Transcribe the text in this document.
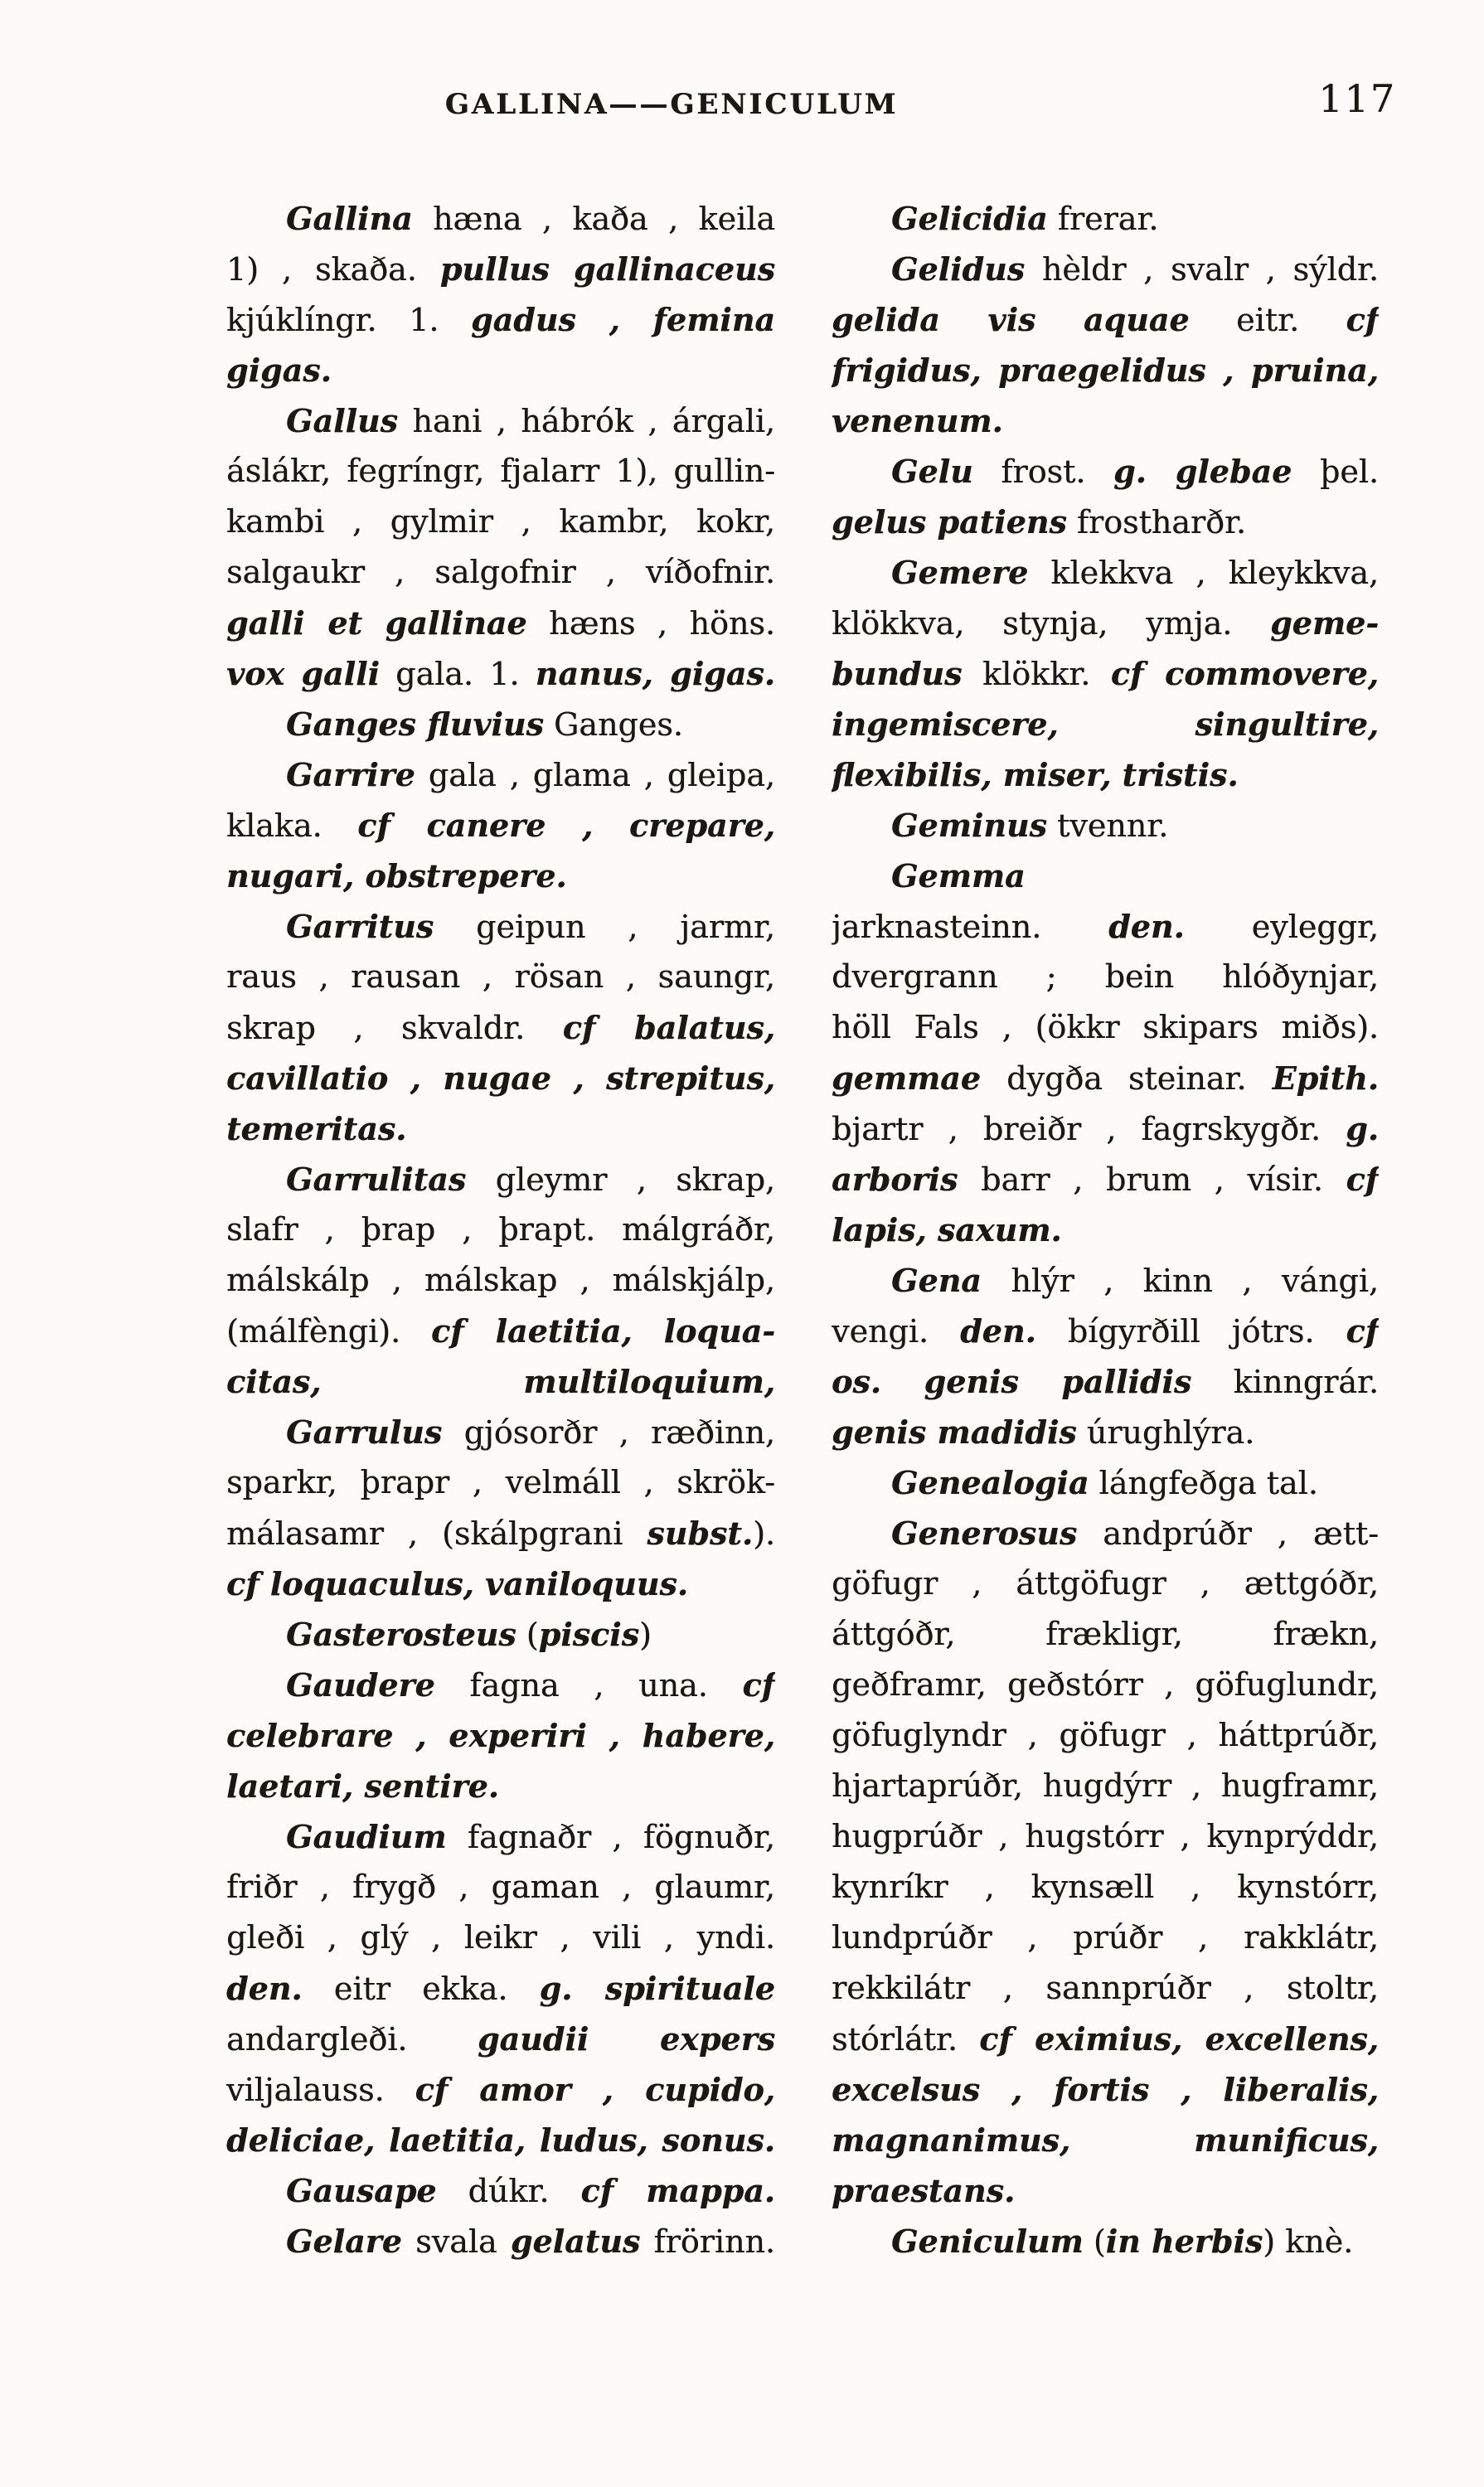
GALLINA——GENICULUM	117
Gallina hæna , kaða , keila
1) , skaða. pullus gallinaceus
kjúklíngr. 1. gadus , femina
gigas.
Gallus hani , hábrók , árgali,
áslákr, fegríngr, fjalarr 1), gullin-
kambi , gylmir , kambr, kokr,
salgaukr , salgofnir , víðofnir.
galli et gallinae hæns , höns.
vox galli gala. 1. nanus, gigas.
Ganges fluvius Ganges.
Garrire gala , glama , gleipa,
klaka. cf canere , crepare,
nugari, obstrepere.
Garritus geipun , jarmr,
raus , rausan , rösan , saungr,
skrap , skvaldr. cf balatus,
cavillatio , nugae , strepitus,
temeritas.
Garrulitas gleymr , skrap,
slafr , þrap , þrapt. málgráðr,
málskálp , málskap , málskjálp,
(málfèngi). cf laetitia, loqua-
citas, multiloquium,
Garrulus gjósorðr , ræðinn,
sparkr, þrapr , velmáll , skrök-
málasamr , (skálpgrani subst.).
cf loquaculus, vaniloquus.
Gasterosteus (piscis)
Gaudere fagna , una. cf
celebrare , experiri , habere,
laetari, sentire.
Gaudium fagnaðr , fögnuðr,
friðr , frygð , gaman , glaumr,
gleði , glý , leikr , vili , yndi.
den. eitr ekka. g. spirituale
andargleði. gaudii expers
viljalauss. cf amor , cupido,
deliciae, laetitia, ludus, sonus.
Gausape dúkr. cf mappa.
Gelare svala gelatus frörinn.
Gelicidia frerar.
Gelidus hèldr , svalr , sýldr.
gelida vis aquae eitr. cf
frigidus, praegelidus , pruina,
venenum.
Gelu frost. g. glebae þel.
gelus patiens frostharðr.
Gemere klekkva , kleykkva,
klökkva, stynja, ymja. geme-
bundus klökkr. cf commovere,
ingemiscere, singultire,
flexibilis, miser, tristis.
Geminus tvennr.
Gemma
jarknasteinn. den. eyleggr,
dvergrann ; bein hlóðynjar,
höll Fals , (ökkr skipars miðs).
gemmae dygða steinar. Epith.
bjartr , breiðr , fagrskygðr. g.
arboris barr , brum , vísir. cf
lapis, saxum.
Gena hlýr , kinn , vángi,
vengi. den. bígyrðill jótrs. cf
os. genis pallidis kinngrár.
genis madidis úrughlýra.
Genealogia lángfeðga tal.
Generosus andprúðr , ætt-
göfugr , áttgöfugr , ættgóðr,
áttgóðr, frækligr, frækn,
geðframr, geðstórr , göfuglundr,
göfuglyndr , göfugr , háttprúðr,
hjartaprúðr, hugdýrr , hugframr,
hugprúðr , hugstórr , kynprýddr,
kynríkr , kynsæll , kynstórr,
lundprúðr , prúðr , rakklátr,
rekkilátr , sannprúðr , stoltr,
stórlátr. cf eximius, excellens,
excelsus , fortis , liberalis,
magnanimus, munificus,
praestans.
Geniculum (in herbis) knè.
